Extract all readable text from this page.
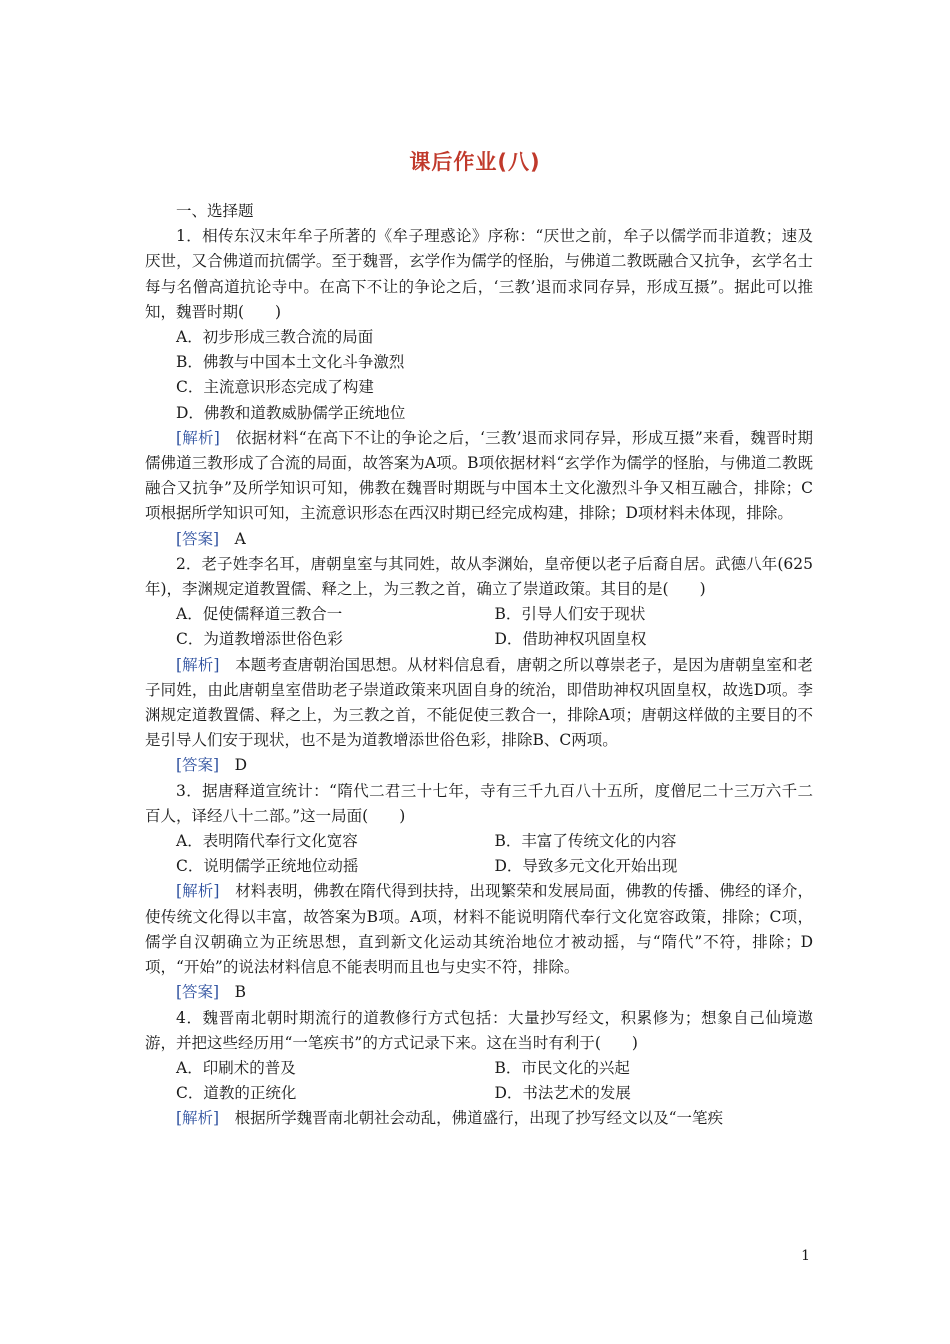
课后作业(八)

一、选择题

1．相传东汉末年牟子所著的《牟子理惑论》序称：“厌世之前，牟子以儒学而非道教；速及厌世，又合佛道而抗儒学。至于魏晋，玄学作为儒学的怪胎，与佛道二教既融合又抗争，玄学名士每与名僧高道抗论寺中。在高下不让的争论之后，‘三教’退而求同存异，形成互摄”。据此可以推知，魏晋时期(　　)

A．初步形成三教合流的局面

B．佛教与中国本土文化斗争激烈

C．主流意识形态完成了构建

D．佛教和道教威胁儒学正统地位

[解析]　依据材料“在高下不让的争论之后，‘三教’退而求同存异，形成互摄”来看，魏晋时期儒佛道三教形成了合流的局面，故答案为A项。B项依据材料“玄学作为儒学的怪胎，与佛道二教既融合又抗争”及所学知识可知，佛教在魏晋时期既与中国本土文化激烈斗争又相互融合，排除；C项根据所学知识可知，主流意识形态在西汉时期已经完成构建，排除；D项材料未体现，排除。

[答案]　A

2．老子姓李名耳，唐朝皇室与其同姓，故从李渊始，皇帝便以老子后裔自居。武德八年(625年)，李渊规定道教置儒、释之上，为三教之首，确立了崇道政策。其目的是(　　)

A．促使儒释道三教合一	B．引导人们安于现状
C．为道教增添世俗色彩	D．借助神权巩固皇权

[解析]　本题考查唐朝治国思想。从材料信息看，唐朝之所以尊崇老子，是因为唐朝皇室和老子同姓，由此唐朝皇室借助老子崇道政策来巩固自身的统治，即借助神权巩固皇权，故选D项。李渊规定道教置儒、释之上，为三教之首，不能促使三教合一，排除A项；唐朝这样做的主要目的不是引导人们安于现状，也不是为道教增添世俗色彩，排除B、C两项。

[答案]　D

3．据唐释道宣统计：“隋代二君三十七年，寺有三千九百八十五所，度僧尼二十三万六千二百人，译经八十二部。”这一局面(　　)

A．表明隋代奉行文化宽容	B．丰富了传统文化的内容
C．说明儒学正统地位动摇	D．导致多元文化开始出现

[解析]　材料表明，佛教在隋代得到扶持，出现繁荣和发展局面，佛教的传播、佛经的译介，使传统文化得以丰富，故答案为B项。A项，材料不能说明隋代奉行文化宽容政策，排除；C项，儒学自汉朝确立为正统思想，直到新文化运动其统治地位才被动摇，与“隋代”不符，排除；D项，“开始”的说法材料信息不能表明而且也与史实不符，排除。

[答案]　B

4．魏晋南北朝时期流行的道教修行方式包括：大量抄写经文，积累修为；想象自己仙境遨游，并把这些经历用“一笔疾书”的方式记录下来。这在当时有利于(　　)

A．印刷术的普及	B．市民文化的兴起
C．道教的正统化	D．书法艺术的发展

[解析]　根据所学魏晋南北朝社会动乱，佛道盛行，出现了抄写经文以及“一笔疾

1
